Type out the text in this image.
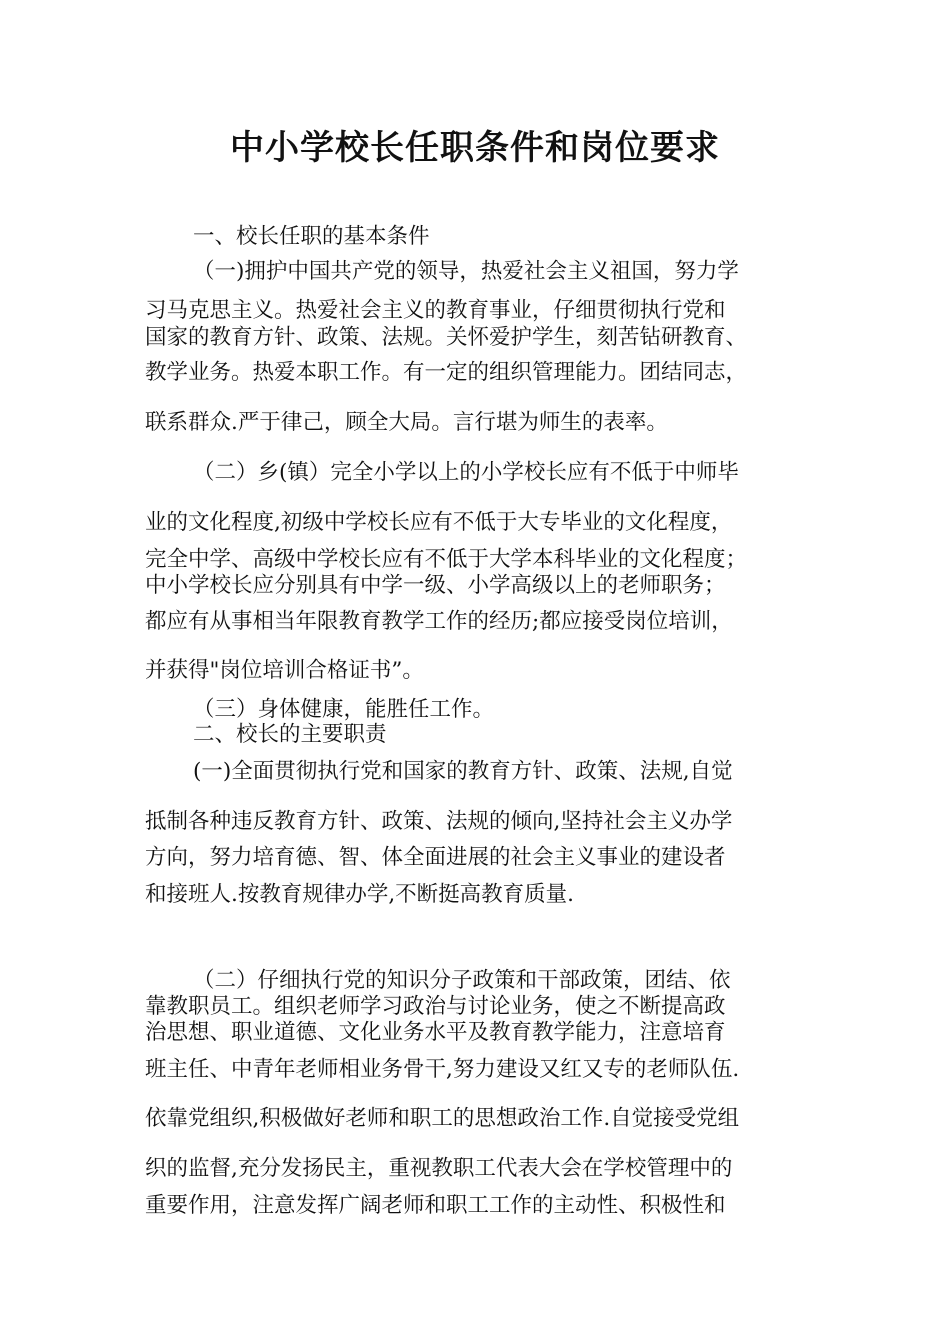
中小学校长任职条件和岗位要求
一、校长任职的基本条件
（一)拥护中国共产党的领导，热爱社会主义祖国，努力学
习马克思主义。热爱社会主义的教育事业，仔细贯彻执行党和
国家的教育方针、政策、法规。关怀爱护学生，刻苦钻研教育、
教学业务。热爱本职工作。有一定的组织管理能力。团结同志，
联系群众.严于律己，顾全大局。言行堪为师生的表率。
（二）乡(镇）完全小学以上的小学校长应有不低于中师毕
业的文化程度,初级中学校长应有不低于大专毕业的文化程度，
完全中学、高级中学校长应有不低于大学本科毕业的文化程度；
中小学校长应分别具有中学一级、小学高级以上的老师职务；
都应有从事相当年限教育教学工作的经历;都应接受岗位培训，
并获得"岗位培训合格证书”。
（三）身体健康，能胜任工作。
二、校长的主要职责
(一)全面贯彻执行党和国家的教育方针、政策、法规,自觉
抵制各种违反教育方针、政策、法规的倾向,坚持社会主义办学
方向，努力培育德、智、体全面进展的社会主义事业的建设者
和接班人.按教育规律办学,不断挺高教育质量.
（二）仔细执行党的知识分子政策和干部政策，团结、依
靠教职员工。组织老师学习政治与讨论业务，使之不断提高政
治思想、职业道德、文化业务水平及教育教学能力，注意培育
班主任、中青年老师相业务骨干,努力建设又红又专的老师队伍.
依靠党组织,积极做好老师和职工的思想政治工作.自觉接受党组
织的监督,充分发扬民主，重视教职工代表大会在学校管理中的
重要作用，注意发挥广阔老师和职工工作的主动性、积极性和
